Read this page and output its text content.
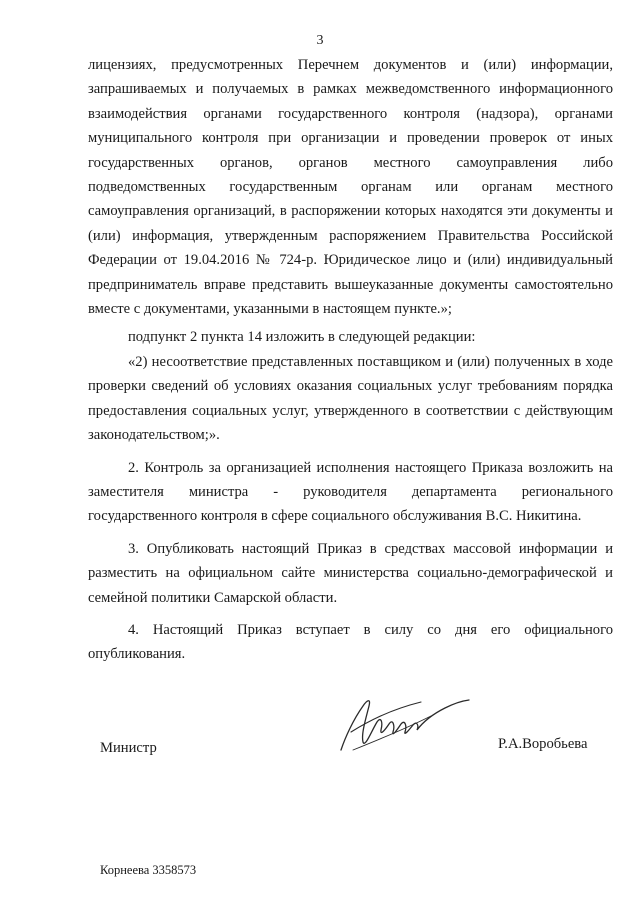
3

лицензиях, предусмотренных Перечнем документов и (или) информации, запрашиваемых и получаемых в рамках межведомственного информационного взаимодействия органами государственного контроля (надзора), органами муниципального контроля при организации и проведении проверок от иных государственных органов, органов местного самоуправления либо подведомственных государственным органам или органам местного самоуправления организаций, в распоряжении которых находятся эти документы и (или) информация, утвержденным распоряжением Правительства Российской Федерации от 19.04.2016 № 724-р. Юридическое лицо и (или) индивидуальный предприниматель вправе представить вышеуказанные документы самостоятельно вместе с документами, указанными в настоящем пункте.»;

подпункт 2 пункта 14 изложить в следующей редакции:

«2) несоответствие представленных поставщиком и (или) полученных в ходе проверки сведений об условиях оказания социальных услуг требованиям порядка предоставления социальных услуг, утвержденного в соответствии с действующим законодательством;».

2. Контроль за организацией исполнения настоящего Приказа возложить на заместителя министра - руководителя департамента регионального государственного контроля в сфере социального обслуживания В.С. Никитина.

3. Опубликовать настоящий Приказ в средствах массовой информации и разместить на официальном сайте министерства социально-демографической и семейной политики Самарской области.

4. Настоящий Приказ вступает в силу со дня его официального опубликования.

Министр	Р.А.Воробьева
Корнеева 3358573
